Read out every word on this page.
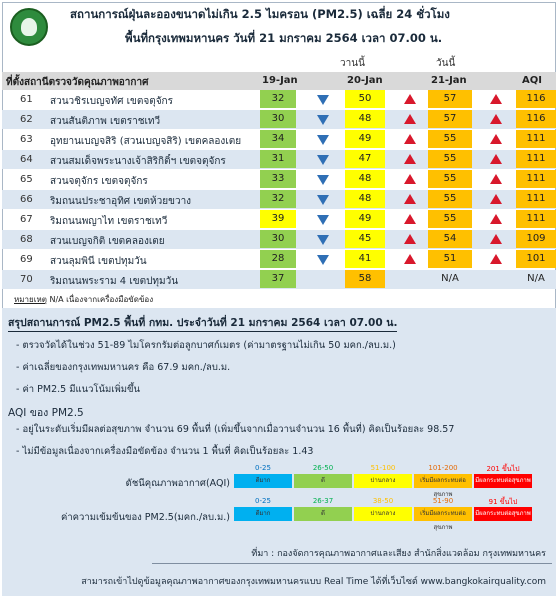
สถานการณ์ฝุ่นละอองขนาดไม่เกิน 2.5 ไมครอน (PM2.5) เฉลี่ย 24 ชั่วโมง
พื้นที่กรุงเทพมหานคร วันที่ 21 มกราคม 2564 เวลา 07.00 น.
วานนี้	วันนี้
ที่ตั้งสถานีตรวจวัดคุณภาพอากาศ	19-Jan	20-Jan	21-Jan	AQI
61	สวนวชิรเบญจทัศ เขตจตุจักร	32	50	57	116
62	สวนสันติภาพ เขตราชเทวี	30	48	57	116
63	อุทยานเบญจสิริ (สวนเบญจสิริ) เขตคลองเตย	34	49	55	111
64	สวนสมเด็จพระนางเจ้าสิริกิติ์ฯ เขตจตุจักร	31	47	55	111
65	สวนจตุจักร เขตจตุจักร	33	48	55	111
66	ริมถนนประชาอุทิศ เขตห้วยขวาง	32	48	55	111
67	ริมถนนพญาไท เขตราชเทวี	39	49	55	111
68	สวนเบญจกิติ เขตคลองเตย	30	45	54	109
69	สวนลุมพินี เขตปทุมวัน	28	41	51	101
70	ริมถนนพระราม 4 เขตปทุมวัน	37	58	N/A	N/A
หมายเหตุ N/A เนื่องจากเครื่องมือขัดข้อง
สรุปสถานการณ์ PM2.5 พื้นที่ กทม. ประจำวันที่ 21 มกราคม 2564 เวลา 07.00 น.
- ตรวจวัดได้ในช่วง 51-89 ไมโครกรัมต่อลูกบาศก์เมตร (ค่ามาตรฐานไม่เกิน 50 มคก./ลบ.ม.)
- ค่าเฉลี่ยของกรุงเทพมหานคร คือ 67.9 มคก./ลบ.ม.
- ค่า PM2.5 มีแนวโน้มเพิ่มขึ้น
AQI ของ PM2.5
- อยู่ในระดับเริ่มมีผลต่อสุขภาพ จำนวน 69 พื้นที่ (เพิ่มขึ้นจากเมื่อวานจำนวน 16 พื้นที่) คิดเป็นร้อยละ 98.57
- ไม่มีข้อมูลเนื่องจากเครื่องมือขัดข้อง จำนวน 1 พื้นที่ คิดเป็นร้อยละ 1.43
0-25	26-50	51-100	101-200	201 ขึ้นไป
ดัชนีคุณภาพอากาศ(AQI)	ดีมาก	ดี	ปานกลาง	เริ่มมีผลกระทบต่อสุขภาพ
มีผลกระทบต่อสุขภาพ
0-25	26-37	38-50	51-90	91 ขึ้นไป
ค่าความเข้มข้นของ PM2.5(มคก./ลบ.ม.)	ดีมาก	ดี	ปานกลาง	เริ่มมีผลกระทบต่อสุขภาพ
มีผลกระทบต่อสุขภาพ
ที่มา : กองจัดการคุณภาพอากาศและเสียง สำนักสิ่งแวดล้อม กรุงเทพมหานคร
สามารถเข้าไปดูข้อมูลคุณภาพอากาศของกรุงเทพมหานครแบบ Real Time ได้ที่เว็บไซต์ www.bangkokairquality.com
